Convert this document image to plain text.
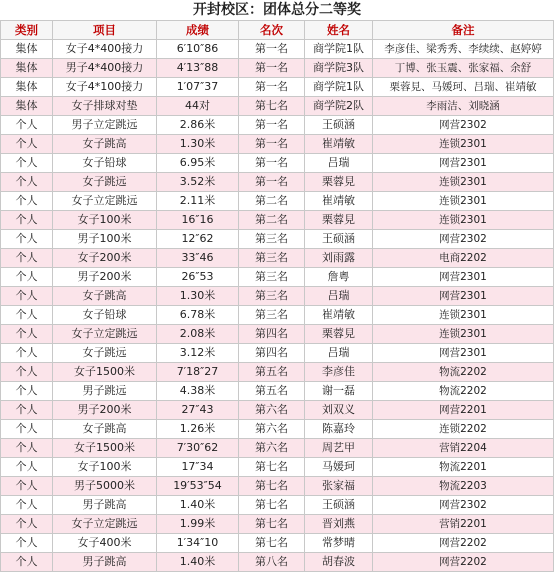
开封校区：团体总分二等奖
类别	项目	成绩	名次	姓名	备注
集体	女子4*400接力	6′10″86	第一名	商学院1队	李彦佳、梁秀秀、李续续、赵婷婷
集体	男子4*400接力	4′13″88	第一名	商学院3队	丁博、张玉震、张家福、余舒
集体	女子4*100接力	1′07″37	第一名	商学院1队	栗蓉見、马媛珂、吕瑞、崔靖敏
集体	女子排球对垫	44对	第七名	商学院2队	李雨洁、刘晓涵
个人	男子立定跳远	2.86米	第一名	王硕涵	网营2302
个人	女子跳高	1.30米	第一名	崔靖敏	连锁2301
个人	女子铅球	6.95米	第一名	吕瑞	网营2301
个人	女子跳远	3.52米	第一名	栗蓉見	连锁2301
个人	女子立定跳远	2.11米	第二名	崔靖敏	连锁2301
个人	女子100米	16″16	第二名	栗蓉見	连锁2301
个人	男子100米	12″62	第三名	王硕涵	网营2302
个人	女子200米	33″46	第三名	刘雨露	电商2202
个人	男子200米	26″53	第三名	詹粤	网营2301
个人	女子跳高	1.30米	第三名	吕瑞	网营2301
个人	女子铅球	6.78米	第三名	崔靖敏	连锁2301
个人	女子立定跳远	2.08米	第四名	栗蓉見	连锁2301
个人	女子跳远	3.12米	第四名	吕瑞	网营2301
个人	女子1500米	7′18″27	第五名	李彦佳	物流2202
个人	男子跳远	4.38米	第五名	谢一磊	物流2202
个人	男子200米	27″43	第六名	刘双义	网营2201
个人	女子跳高	1.26米	第六名	陈嘉玲	连锁2202
个人	女子1500米	7′30″62	第六名	周艺甲	营销2204
个人	女子100米	17″34	第七名	马媛珂	物流2201
个人	男子5000米	19′53″54	第七名	张家福	物流2203
个人	男子跳高	1.40米	第七名	王硕涵	网营2302
个人	女子立定跳远	1.99米	第七名	晋刘燕	营销2201
个人	女子400米	1′34″10	第七名	常梦晴	网营2202
个人	男子跳高	1.40米	第八名	胡春波	网营2202
